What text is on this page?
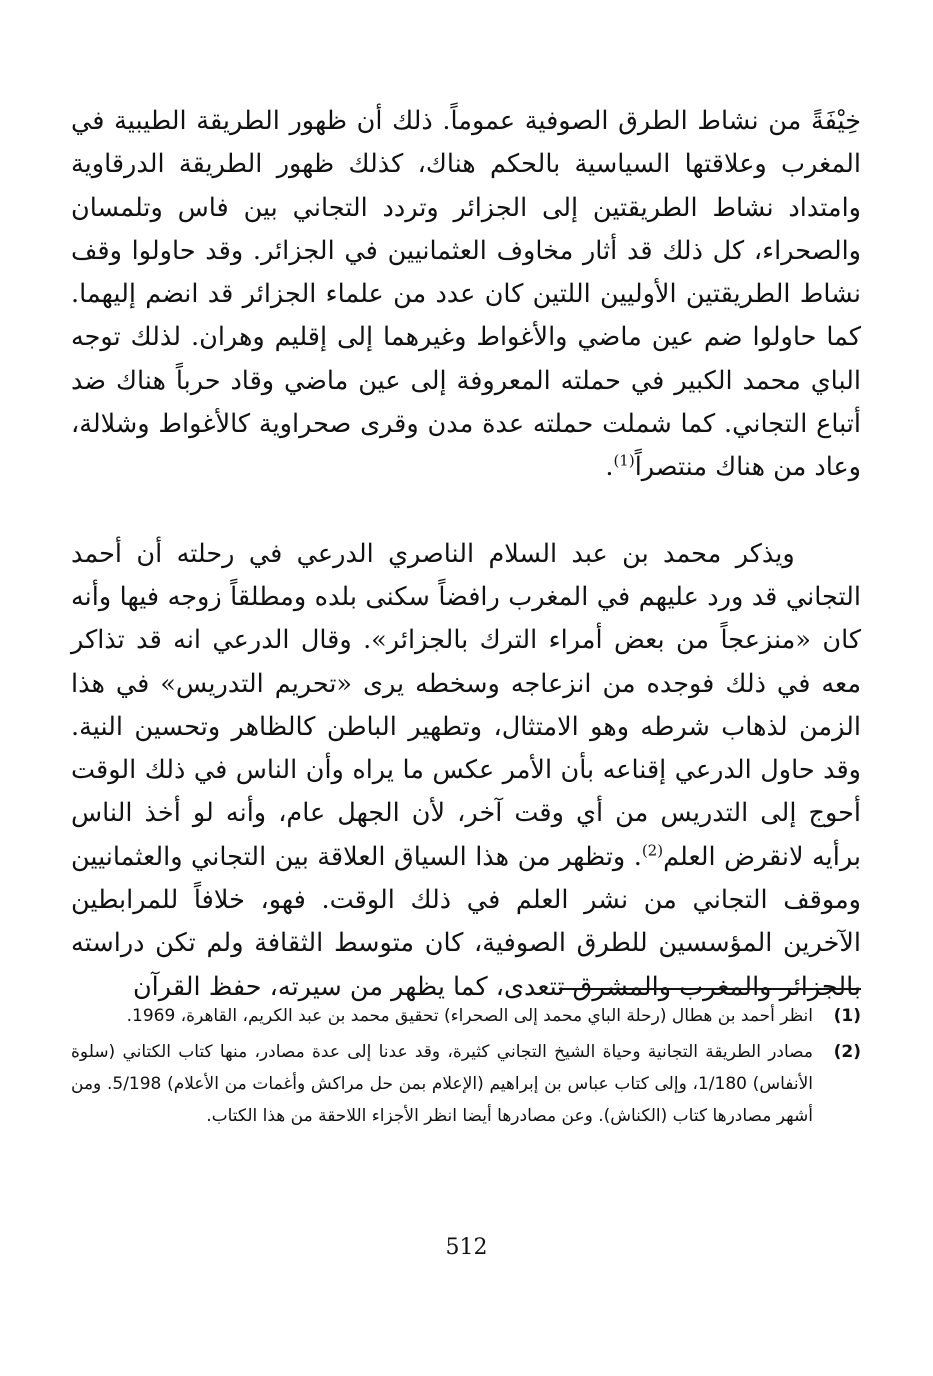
خِيْفَةً من نشاط الطرق الصوفية عموماً. ذلك أن ظهور الطريقة الطيبية في المغرب وعلاقتها السياسية بالحكم هناك، كذلك ظهور الطريقة الدرقاوية وامتداد نشاط الطريقتين إلى الجزائر وتردد التجاني بين فاس وتلمسان والصحراء، كل ذلك قد أثار مخاوف العثمانيين في الجزائر. وقد حاولوا وقف نشاط الطريقتين الأوليين اللتين كان عدد من علماء الجزائر قد انضم إليهما. كما حاولوا ضم عين ماضي والأغواط وغيرهما إلى إقليم وهران. لذلك توجه الباي محمد الكبير في حملته المعروفة إلى عين ماضي وقاد حرباً هناك ضد أتباع التجاني. كما شملت حملته عدة مدن وقرى صحراوية كالأغواط وشلالة، وعاد من هناك منتصراً$^{(1)}$.

ويذكر محمد بن عبد السلام الناصري الدرعي في رحلته أن أحمد التجاني قد ورد عليهم في المغرب رافضاً سكنى بلده ومطلقاً زوجه فيها وأنه كان «منزعجاً من بعض أمراء الترك بالجزائر». وقال الدرعي انه قد تذاكر معه في ذلك فوجده من انزعاجه وسخطه يرى «تحريم التدريس» في هذا الزمن لذهاب شرطه وهو الامتثال، وتطهير الباطن كالظاهر وتحسين النية. وقد حاول الدرعي إقناعه بأن الأمر عكس ما يراه وأن الناس في ذلك الوقت أحوج إلى التدريس من أي وقت آخر، لأن الجهل عام، وأنه لو أخذ الناس برأيه لانقرض العلم$^{(2)}$. وتظهر من هذا السياق العلاقة بين التجاني والعثمانيين وموقف التجاني من نشر العلم في ذلك الوقت. فهو، خلافاً للمرابطين الآخرين المؤسسين للطرق الصوفية، كان متوسط الثقافة ولم تكن دراسته بالجزائر والمغرب والمشرق تتعدى، كما يظهر من سيرته، حفظ القرآن

(1)
انظر أحمد بن هطال (رحلة الباي محمد إلى الصحراء) تحقيق محمد بن عبد الكريم، القاهرة، 1969.
(2)
مصادر الطريقة التجانية وحياة الشيخ التجاني كثيرة، وقد عدنا إلى عدة مصادر، منها كتاب الكتاني (سلوة الأنفاس) 1/180، وإلى كتاب عباس بن إبراهيم (الإعلام بمن حل مراكش وأغمات من الأعلام) 5/198. ومن أشهر مصادرها كتاب (الكناش). وعن مصادرها أيضا انظر الأجزاء اللاحقة من هذا الكتاب.
512
